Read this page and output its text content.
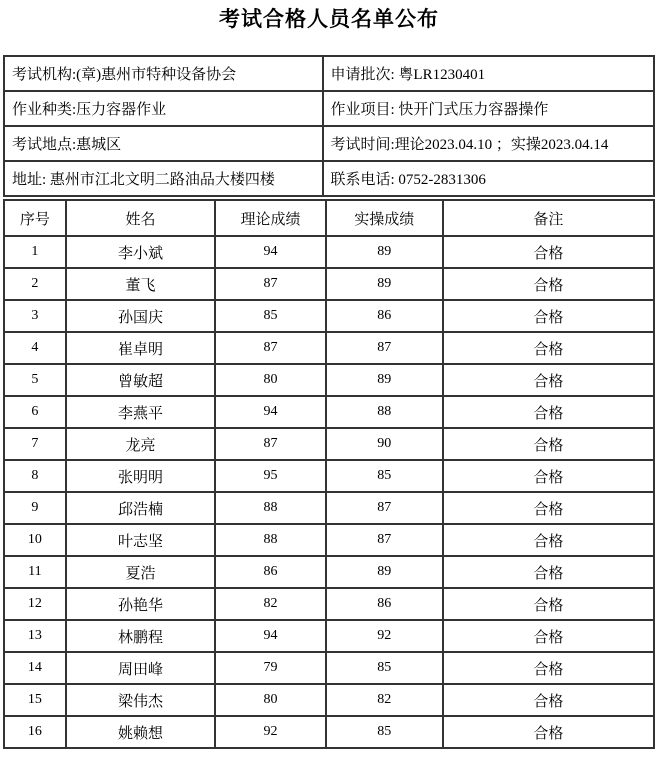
考试合格人员名单公布
考试机构:(章)惠州市特种设备协会	申请批次: 粤LR1230401
作业种类:压力容器作业	作业项目: 快开门式压力容器操作
考试地点:惠城区	考试时间:理论2023.04.10 ；实操2023.04.14
地址: 惠州市江北文明二路油品大楼四楼	联系电话: 0752-2831306
序号	姓名	理论成绩	实操成绩	备注
1	李小斌	94	89	合格
2	董飞	87	89	合格
3	孙国庆	85	86	合格
4	崔卓明	87	87	合格
5	曾敏超	80	89	合格
6	李燕平	94	88	合格
7	龙亮	87	90	合格
8	张明明	95	85	合格
9	邱浩楠	88	87	合格
10	叶志坚	88	87	合格
11	夏浩	86	89	合格
12	孙艳华	82	86	合格
13	林鹏程	94	92	合格
14	周田峰	79	85	合格
15	梁伟杰	80	82	合格
16	姚赖想	92	85	合格
